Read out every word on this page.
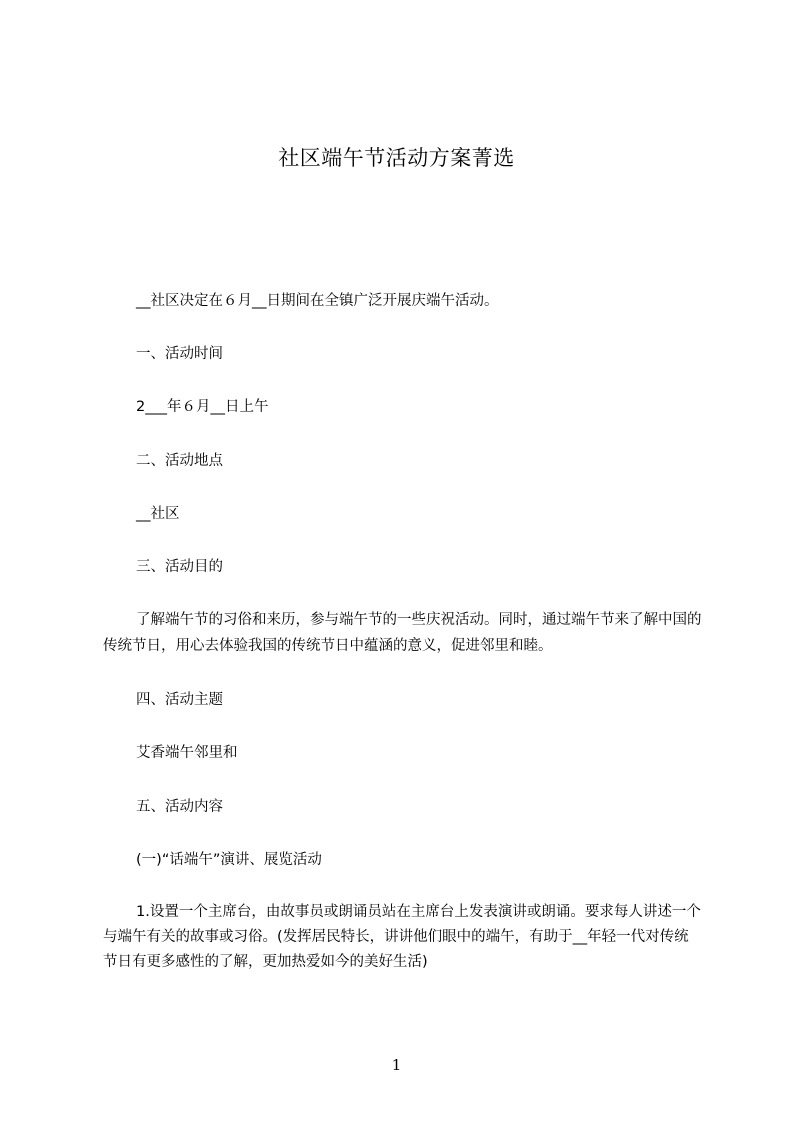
社区端午节活动方案菁选
__社区决定在６月__日期间在全镇广泛开展庆端午活动。
一、活动时间
2___年６月__日上午
二、活动地点
__社区
三、活动目的
了解端午节的习俗和来历，参与端午节的一些庆祝活动。同时，通过端午节来了解中国的传统节日，用心去体验我国的传统节日中蕴涵的意义，促进邻里和睦。
四、活动主题
艾香端午邻里和
五、活动内容
(一)“话端午”演讲、展览活动
1.设置一个主席台，由故事员或朗诵员站在主席台上发表演讲或朗诵。要求每人讲述一个与端午有关的故事或习俗。(发挥居民特长，讲讲他们眼中的端午，有助于__年轻一代对传统节日有更多感性的了解，更加热爱如今的美好生活)
1
